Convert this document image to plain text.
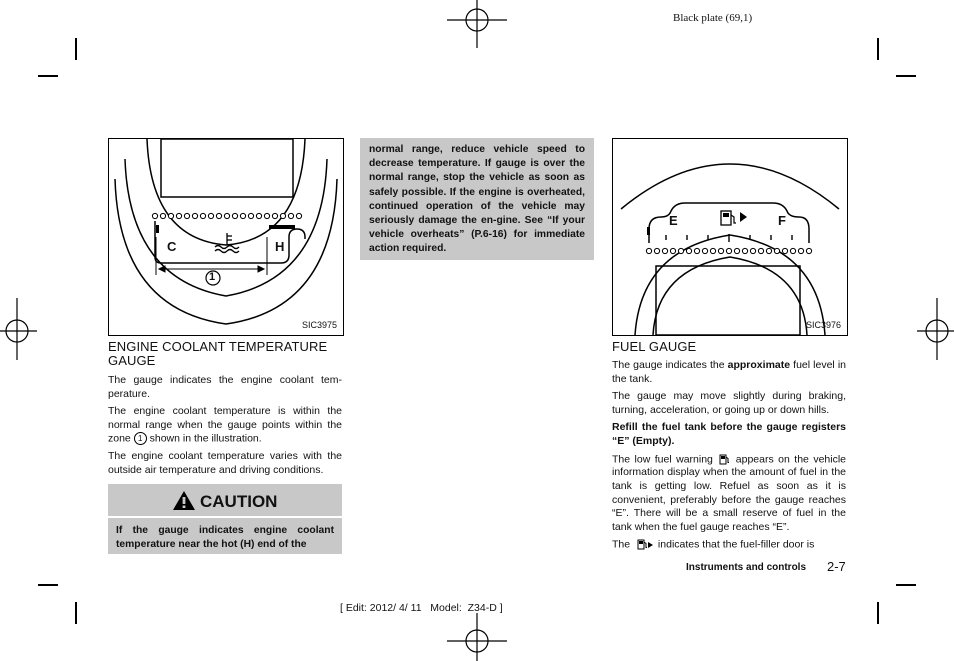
Black plate (69,1)
C	H
1
SIC3975
ENGINE COOLANT TEMPERATURE GAUGE

The gauge indicates the engine coolant tem-perature.

The engine coolant temperature is within the normal range when the gauge points within the zone 1 shown in the illustration.

The engine coolant temperature varies with the outside air temperature and driving conditions.

CAUTION
If the gauge indicates engine coolant temperature near the hot (H) end of the
normal range, reduce vehicle speed to decrease temperature. If gauge is over the normal range, stop the vehicle as soon as safely possible. If the engine is overheated, continued operation of the vehicle may seriously damage the en-gine. See “If your vehicle overheats” (P.6-16) for immediate action required.
E	F
SIC3976
FUEL GAUGE

The gauge indicates the approximate fuel level in the tank.

The gauge may move slightly during braking, turning, acceleration, or going up or down hills.

Refill the fuel tank before the gauge registers “E” (Empty).

The low fuel warning  appears on the vehicle information display when the amount of fuel in the tank is getting low. Refuel as soon as it is convenient, preferably before the gauge reaches “E”. There will be a small reserve of fuel in the tank when the fuel gauge reaches “E”.

The  indicates that the fuel-filler door is

Instruments and controls 2-7
[ Edit: 2012/ 4/ 11   Model:  Z34-D ]
